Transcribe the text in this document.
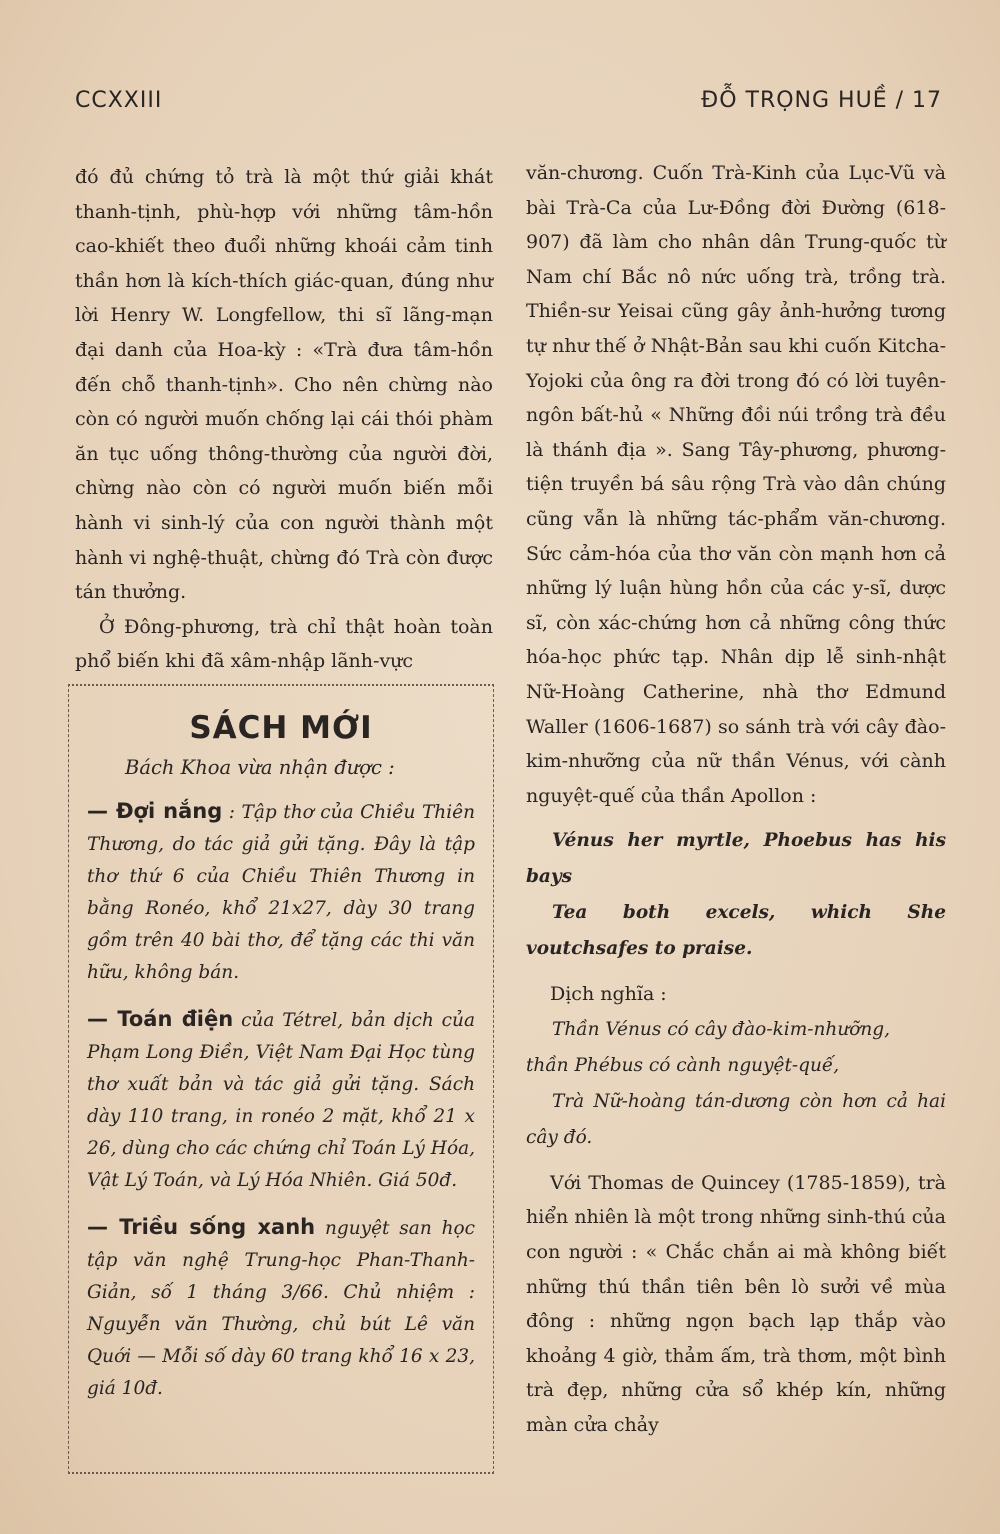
CCXXIII	ĐỖ TRỌNG HUỀ / 17

đó đủ chứng tỏ trà là một thứ giải khát thanh-tịnh, phù-hợp với những tâm-hồn cao-khiết theo đuổi những khoái cảm tinh thần hơn là kích-thích giác-quan, đúng như lời Henry W. Longfellow, thi sĩ lãng-mạn đại danh của Hoa-kỳ : «Trà đưa tâm-hồn đến chỗ thanh-tịnh». Cho nên chừng nào còn có người muốn chống lại cái thói phàm ăn tục uống thông-thường của người đời, chừng nào còn có người muốn biến mỗi hành vi sinh-lý của con người thành một hành vi nghệ-thuật, chừng đó Trà còn được tán thưởng.

Ở Đông-phương, trà chỉ thật hoàn toàn phổ biến khi đã xâm-nhập lãnh-vực

SÁCH MỚI
Bách Khoa vừa nhận được :

— Đợi nắng : Tập thơ của Chiều Thiên Thương, do tác giả gửi tặng. Đây là tập thơ thứ 6 của Chiều Thiên Thương in bằng Ronéo, khổ 21x27, dày 30 trang gồm trên 40 bài thơ, để tặng các thi văn hữu, không bán.

— Toán điện của Tétrel, bản dịch của Phạm Long Điền, Việt Nam Đại Học tùng thơ xuất bản và tác giả gửi tặng. Sách dày 110 trang, in ronéo 2 mặt, khổ 21 x 26, dùng cho các chứng chỉ Toán Lý Hóa, Vật Lý Toán, và Lý Hóa Nhiên. Giá 50đ.

— Triều sống xanh nguyệt san học tập văn nghệ Trung-học Phan-Thanh-Giản, số 1 tháng 3/66. Chủ nhiệm : Nguyễn văn Thường, chủ bút Lê văn Quới — Mỗi số dày 60 trang khổ 16 x 23, giá 10đ.

văn-chương. Cuốn Trà-Kinh của Lục-Vũ và bài Trà-Ca của Lư-Đồng đời Đường (618-907) đã làm cho nhân dân Trung-quốc từ Nam chí Bắc nô nức uống trà, trồng trà. Thiền-sư Yeisai cũng gây ảnh-hưởng tương tự như thế ở Nhật-Bản sau khi cuốn Kitcha-Yojoki của ông ra đời trong đó có lời tuyên-ngôn bất-hủ « Những đồi núi trồng trà đều là thánh địa ». Sang Tây-phương, phương-tiện truyền bá sâu rộng Trà vào dân chúng cũng vẫn là những tác-phẩm văn-chương. Sức cảm-hóa của thơ văn còn mạnh hơn cả những lý luận hùng hồn của các y-sĩ, dược sĩ, còn xác-chứng hơn cả những công thức hóa-học phức tạp. Nhân dịp lễ sinh-nhật Nữ-Hoàng Catherine, nhà thơ Edmund Waller (1606-1687) so sánh trà với cây đào-kim-nhưỡng của nữ thần Vénus, với cành nguyệt-quế của thần Apollon :

Vénus her myrtle, Phoebus has his bays

Tea both excels, which She voutchsafes to praise.

Dịch nghĩa :

Thần Vénus có cây đào-kim-nhưỡng,

thần Phébus có cành nguyệt-quế,

Trà Nữ-hoàng tán-dương còn hơn cả hai cây đó.

Với Thomas de Quincey (1785-1859), trà hiển nhiên là một trong những sinh-thú của con người : « Chắc chắn ai mà không biết những thú thần tiên bên lò sưởi về mùa đông : những ngọn bạch lạp thắp vào khoảng 4 giờ, thảm ấm, trà thơm, một bình trà đẹp, những cửa sổ khép kín, những màn cửa chảy
